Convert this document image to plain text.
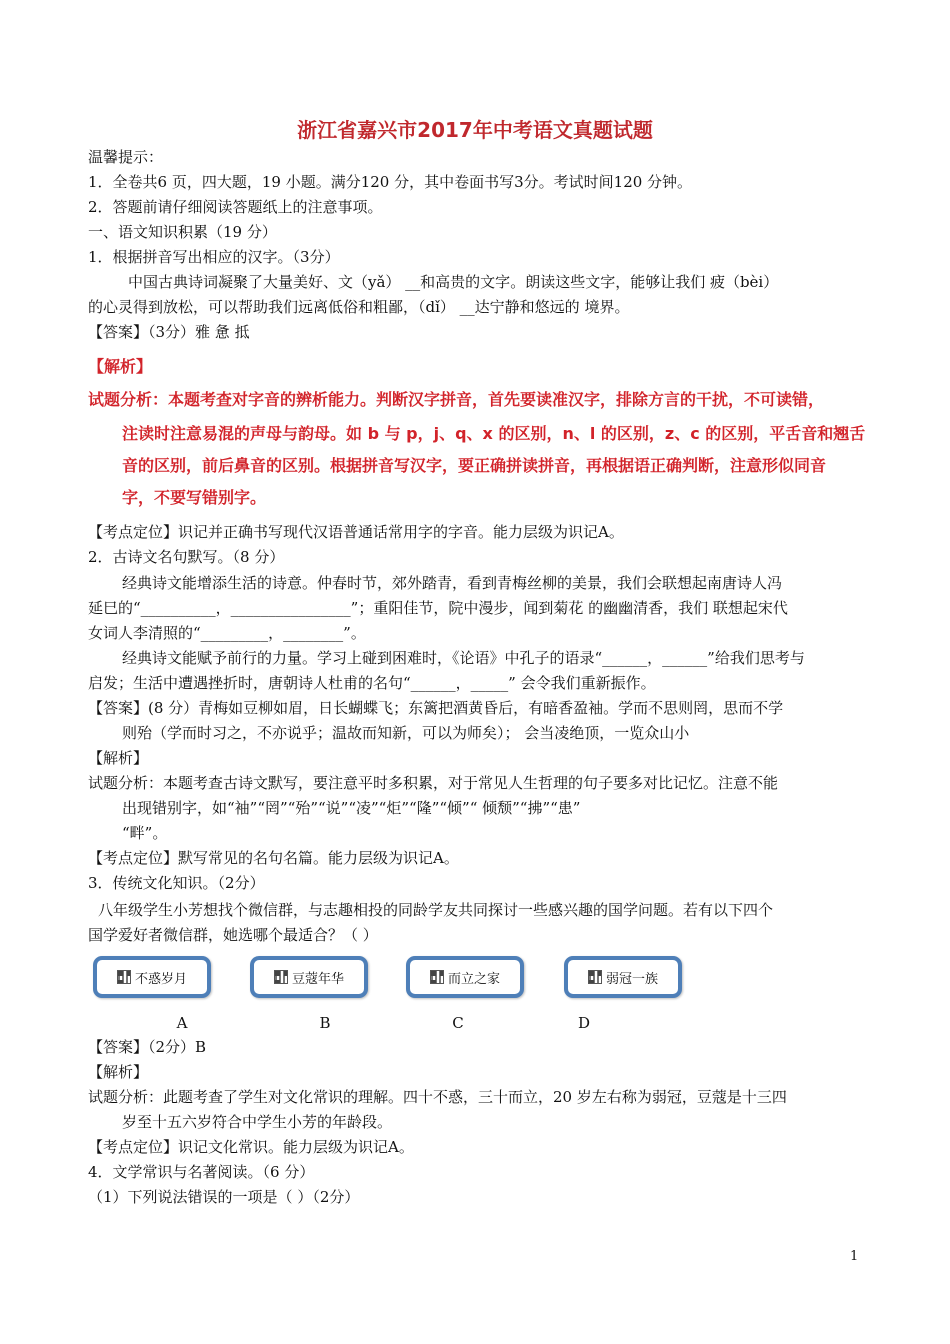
浙江省嘉兴市2017年中考语文真题试题
温馨提示：
1．全卷共6 页，四大题，19 小题。满分120 分，其中卷面书写3分。考试时间120 分钟。
2．答题前请仔细阅读答题纸上的注意事项。
一、语文知识积累（19 分）
1．根据拼音写出相应的汉字。（3分）
中国古典诗词凝聚了大量美好、文（yǎ） __和高贵的文字。朗读这些文字，能够让我们 疲（bèi）
的心灵得到放松，可以帮助我们远离低俗和粗鄙，（dǐ） __达宁静和悠远的 境界。
【答案】（3分）雅 惫 抵
【解析】
试题分析：本题考查对字音的辨析能力。判断汉字拼音，首先要读准汉字，排除方言的干扰，不可读错，
注读时注意易混的声母与韵母。如 b 与 p，j、q、x 的区别，n、l 的区别，z、c 的区别，平舌音和翘舌
音的区别，前后鼻音的区别。根据拼音写汉字，要正确拼读拼音，再根据语正确判断，注意形似同音
字，不要写错别字。
【考点定位】识记并正确书写现代汉语普通话常用字的字音。能力层级为识记A。
2．古诗文名句默写。（8 分）
经典诗文能增添生活的诗意。仲春时节，郊外踏青，看到青梅丝柳的美景，我们会联想起南唐诗人冯
延巳的“__________，________________”；重阳佳节，院中漫步，闻到菊花 的幽幽清香，我们 联想起宋代
女词人李清照的“_________，________”。
经典诗文能赋予前行的力量。学习上碰到困难时，《论语》中孔子的语录“______，______”给我们思考与
启发；生活中遭遇挫折时，唐朝诗人杜甫的名句“______，_____” 会令我们重新振作。
【答案】(8 分）青梅如豆柳如眉，日长蝴蝶飞；东篱把酒黄昏后，有暗香盈袖。学而不思则罔，思而不学
则殆（学而时习之，不亦说乎；温故而知新，可以为师矣）； 会当凌绝顶，一览众山小
【解析】
试题分析：本题考查古诗文默写，要注意平时多积累，对于常见人生哲理的句子要多对比记忆。注意不能
出现错别字，如“袖”“罔”“殆”“说”“凌”“炬”“隆”“倾”“ 倾颓”“拂”“患”
“畔”。
【考点定位】默写常见的名句名篇。能力层级为识记A。
3．传统文化知识。（2分）
八年级学生小芳想找个微信群，与志趣相投的同龄学友共同探讨一些感兴趣的国学问题。若有以下四个
国学爱好者微信群，她选哪个最适合？（ ）
不惑岁月	豆蔻年华	而立之家	弱冠一族
A	B	C	D
【答案】（2分）B
【解析】
试题分析：此题考查了学生对文化常识的理解。四十不惑，三十而立，20 岁左右称为弱冠，豆蔻是十三四
岁至十五六岁符合中学生小芳的年龄段。
【考点定位】识记文化常识。能力层级为识记A。
4．文学常识与名著阅读。（6 分）
（1）下列说法错误的一项是（ ）（2分）
1
